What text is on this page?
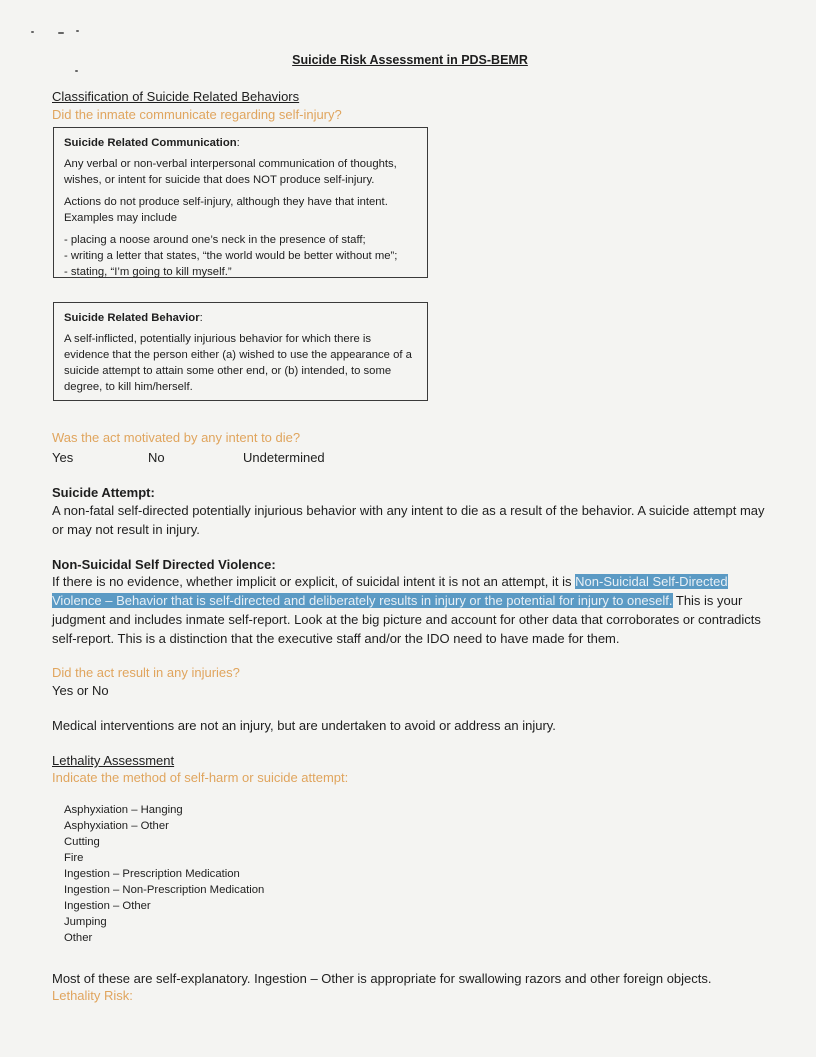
Suicide Risk Assessment in PDS-BEMR
Classification of Suicide Related Behaviors
Did the inmate communicate regarding self-injury?
Suicide Related Communication:

Any verbal or non-verbal interpersonal communication of thoughts, wishes, or intent for suicide that does NOT produce self-injury.

Actions do not produce self-injury, although they have that intent. Examples may include

- placing a noose around one’s neck in the presence of staff;
- writing a letter that states, “the world would be better without me”;
- stating, “I’m going to kill myself.”
Suicide Related Behavior:

A self-inflicted, potentially injurious behavior for which there is evidence that the person either (a) wished to use the appearance of a suicide attempt to attain some other end, or (b) intended, to some degree, to kill him/herself.

Was the act motivated by any intent to die?
Yes	No	Undetermined
Suicide Attempt:
A non-fatal self-directed potentially injurious behavior with any intent to die as a result of the behavior. A suicide attempt may or may not result in injury.
Non-Suicidal Self Directed Violence:
If there is no evidence, whether implicit or explicit, of suicidal intent it is not an attempt, it is Non-Suicidal Self-Directed Violence – Behavior that is self-directed and deliberately results in injury or the potential for injury to oneself. This is your judgment and includes inmate self-report. Look at the big picture and account for other data that corroborates or contradicts self-report. This is a distinction that the executive staff and/or the IDO need to have made for them.
Did the act result in any injuries?
Yes or No
Medical interventions are not an injury, but are undertaken to avoid or address an injury.
Lethality Assessment
Indicate the method of self-harm or suicide attempt:
Asphyxiation – Hanging
Asphyxiation – Other
Cutting
Fire
Ingestion – Prescription Medication
Ingestion – Non-Prescription Medication
Ingestion – Other
Jumping
Other
Most of these are self-explanatory. Ingestion – Other is appropriate for swallowing razors and other foreign objects.
Lethality Risk:
